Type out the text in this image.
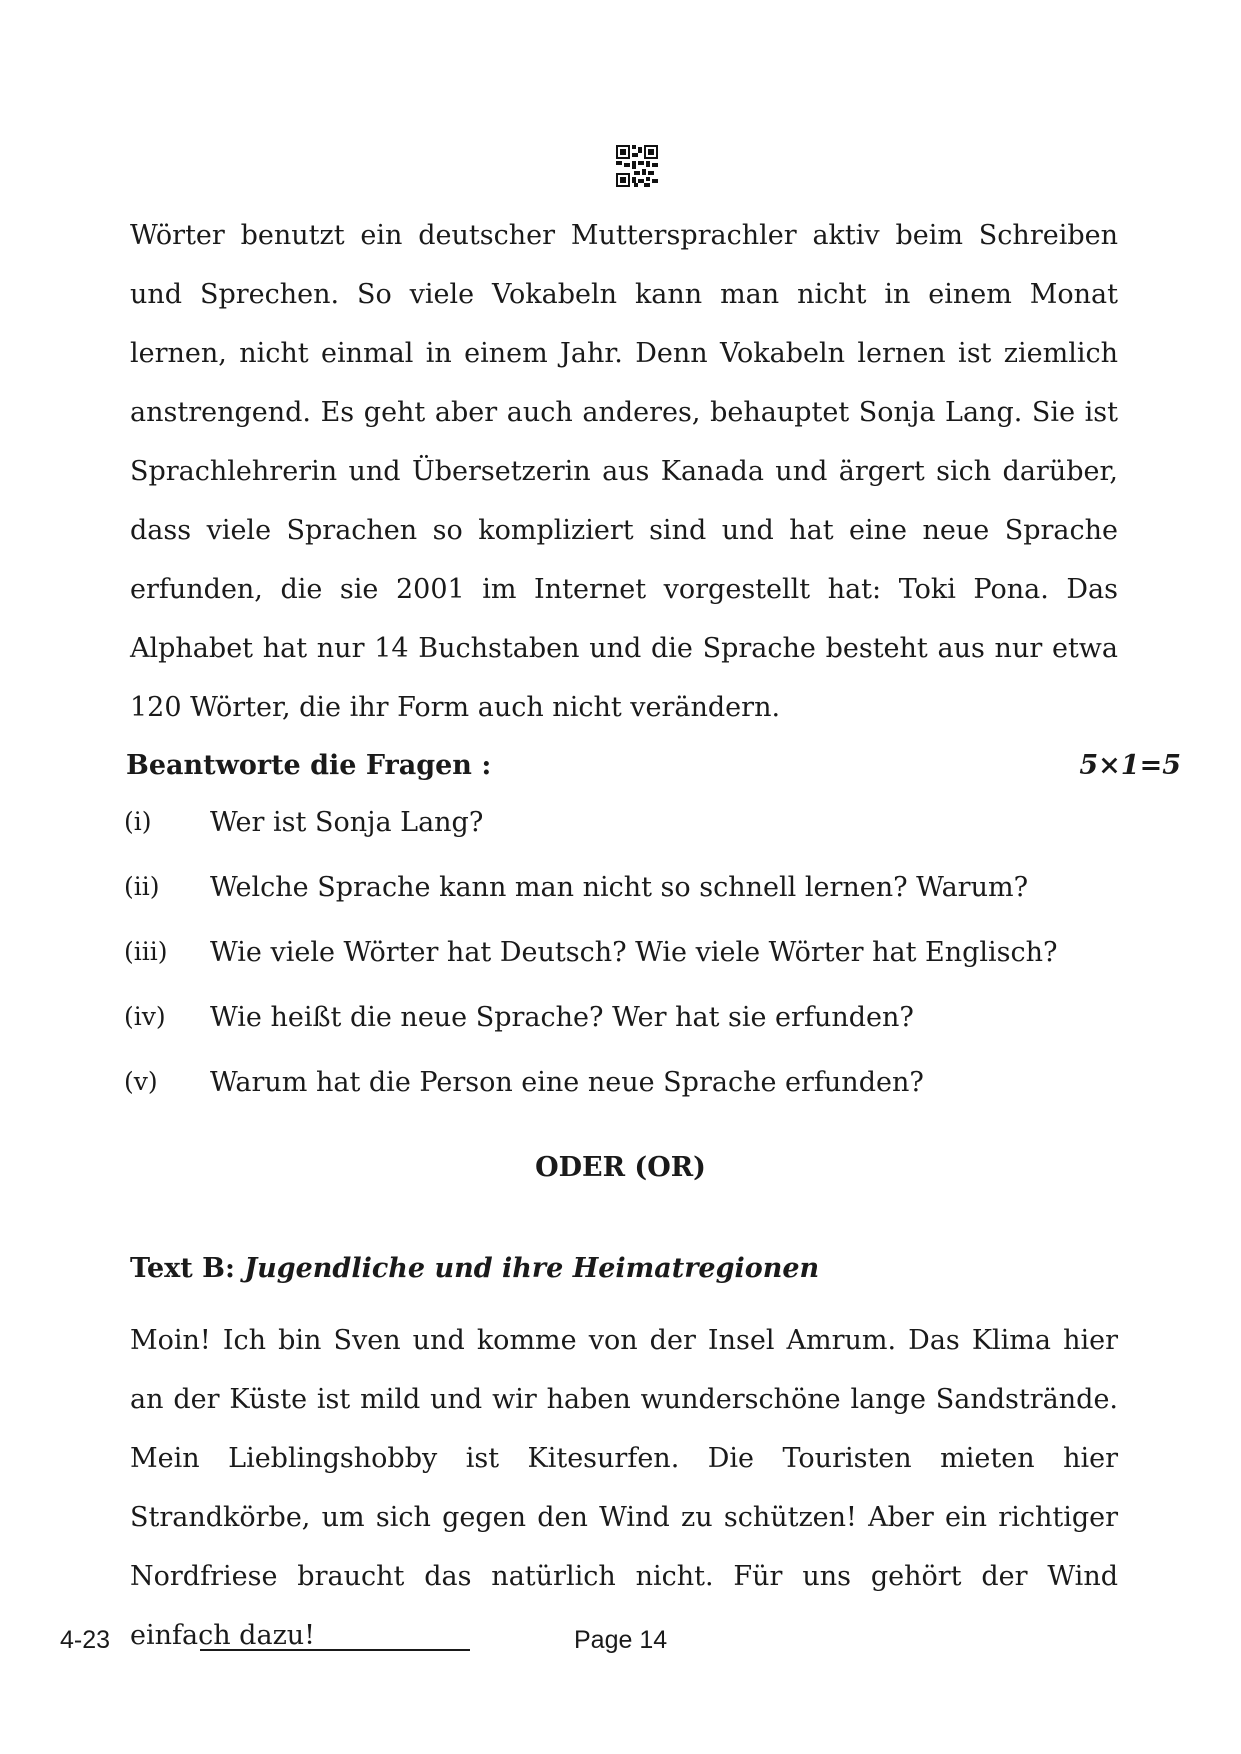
Wörter benutzt ein deutscher Muttersprachler aktiv beim Schreiben und Sprechen. So viele Vokabeln kann man nicht in einem Monat lernen, nicht einmal in einem Jahr. Denn Vokabeln lernen ist ziemlich anstrengend. Es geht aber auch anderes, behauptet Sonja Lang. Sie ist Sprachlehrerin und Übersetzerin aus Kanada und ärgert sich darüber, dass viele Sprachen so kompliziert sind und hat eine neue Sprache erfunden, die sie 2001 im Internet vorgestellt hat: Toki Pona. Das Alphabet hat nur 14 Buchstaben und die Sprache besteht aus nur etwa 120 Wörter, die ihr Form auch nicht verändern.

Beantworte die Fragen :	5×1=5
(i) Wer ist Sonja Lang?
(ii) Welche Sprache kann man nicht so schnell lernen? Warum?
(iii) Wie viele Wörter hat Deutsch? Wie viele Wörter hat Englisch?
(iv) Wie heißt die neue Sprache? Wer hat sie erfunden?
(v) Warum hat die Person eine neue Sprache erfunden?
ODER (OR)
Text B: Jugendliche und ihre Heimatregionen

Moin! Ich bin Sven und komme von der Insel Amrum. Das Klima hier an der Küste ist mild und wir haben wunderschöne lange Sandstrände. Mein Lieblingshobby ist Kitesurfen. Die Touristen mieten hier Strandkörbe, um sich gegen den Wind zu schützen! Aber ein richtiger Nordfriese braucht das natürlich nicht. Für uns gehört der Wind einfach dazu!

4-23	Page 14
